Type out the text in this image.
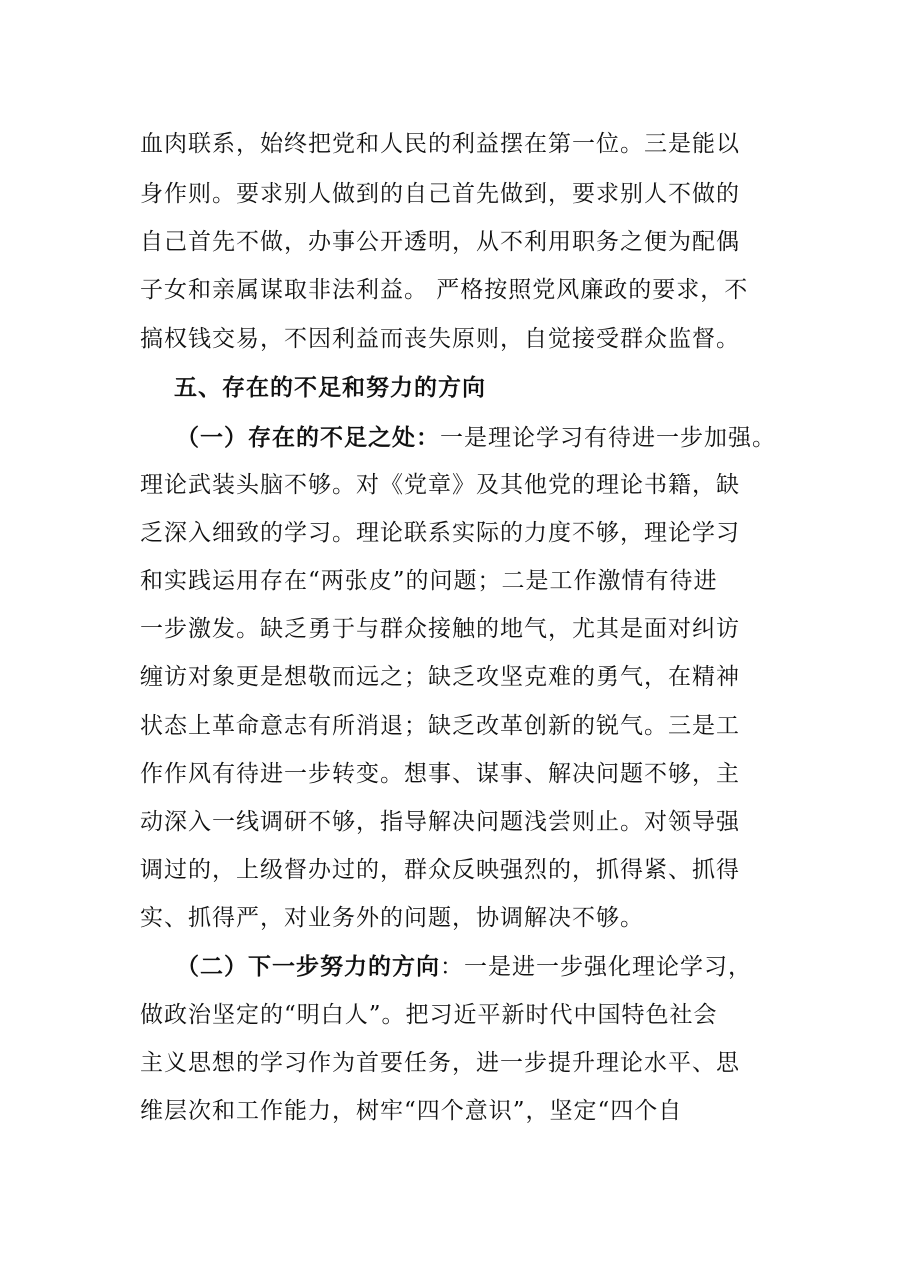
血肉联系，始终把党和人民的利益摆在第一位。三是能以
身作则。要求别人做到的自己首先做到，要求别人不做的
自己首先不做，办事公开透明，从不利用职务之便为配偶
子女和亲属谋取非法利益。 严格按照党风廉政的要求，不
搞权钱交易，不因利益而丧失原则，自觉接受群众监督。
五、存在的不足和努力的方向
（一）存在的不足之处：一是理论学习有待进一步加强。
理论武装头脑不够。对《党章》及其他党的理论书籍，缺
乏深入细致的学习。理论联系实际的力度不够，理论学习
和实践运用存在“两张皮”的问题；二是工作激情有待进
一步激发。缺乏勇于与群众接触的地气，尤其是面对纠访
缠访对象更是想敬而远之；缺乏攻坚克难的勇气，在精神
状态上革命意志有所消退；缺乏改革创新的锐气。三是工
作作风有待进一步转变。想事、谋事、解决问题不够，主
动深入一线调研不够，指导解决问题浅尝则止。对领导强
调过的，上级督办过的，群众反映强烈的，抓得紧、抓得
实、抓得严，对业务外的问题，协调解决不够。
（二）下一步努力的方向：一是进一步强化理论学习，
做政治坚定的“明白人”。把习近平新时代中国特色社会
主义思想的学习作为首要任务，进一步提升理论水平、思
维层次和工作能力，树牢“四个意识”，坚定“四个自
